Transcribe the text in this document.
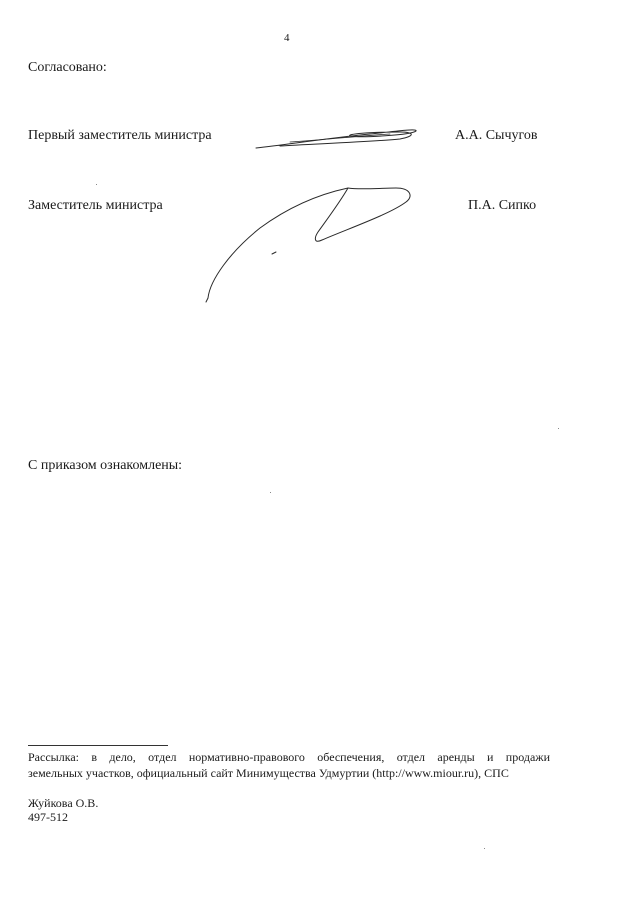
4
Согласовано:
Первый заместитель министра	А.А. Сычугов
Заместитель министра	П.А. Сипко
С приказом ознакомлены:
Рассылка: в дело, отдел нормативно-правового обеспечения, отдел аренды и продажи
земельных участков, официальный сайт Минимущества Удмуртии (http://www.miour.ru), СПС
Жуйкова О.В.
497-512
